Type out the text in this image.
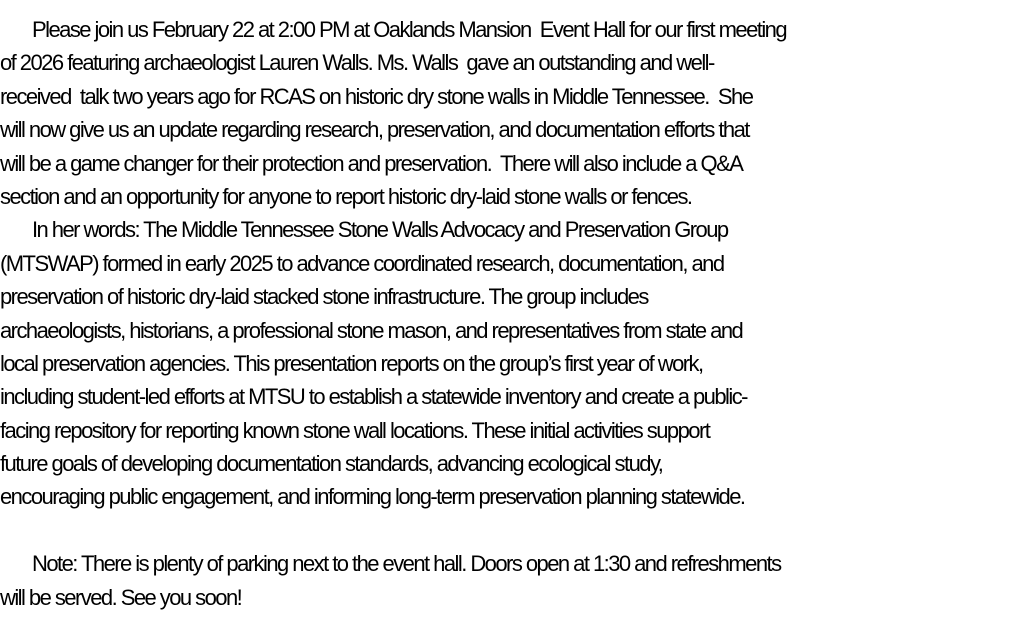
Please join us February 22 at 2:00 PM at Oaklands Mansion  Event Hall for our first meeting
of 2026 featuring archaeologist Lauren Walls. Ms. Walls  gave an outstanding and well-
received  talk two years ago for RCAS on historic dry stone walls in Middle Tennessee.  She
will now give us an update regarding research, preservation, and documentation efforts that
will be a game changer for their protection and preservation.  There will also include a Q&A
section and an opportunity for anyone to report historic dry-laid stone walls or fences.
In her words: The Middle Tennessee Stone Walls Advocacy and Preservation Group
(MTSWAP) formed in early 2025 to advance coordinated research, documentation, and
preservation of historic dry-laid stacked stone infrastructure. The group includes
archaeologists, historians, a professional stone mason, and representatives from state and
local preservation agencies. This presentation reports on the group’s first year of work,
including student-led efforts at MTSU to establish a statewide inventory and create a public-
facing repository for reporting known stone wall locations. These initial activities support
future goals of developing documentation standards, advancing ecological study,
encouraging public engagement, and informing long-term preservation planning statewide.
Note: There is plenty of parking next to the event hall. Doors open at 1:30 and refreshments
will be served. See you soon!
